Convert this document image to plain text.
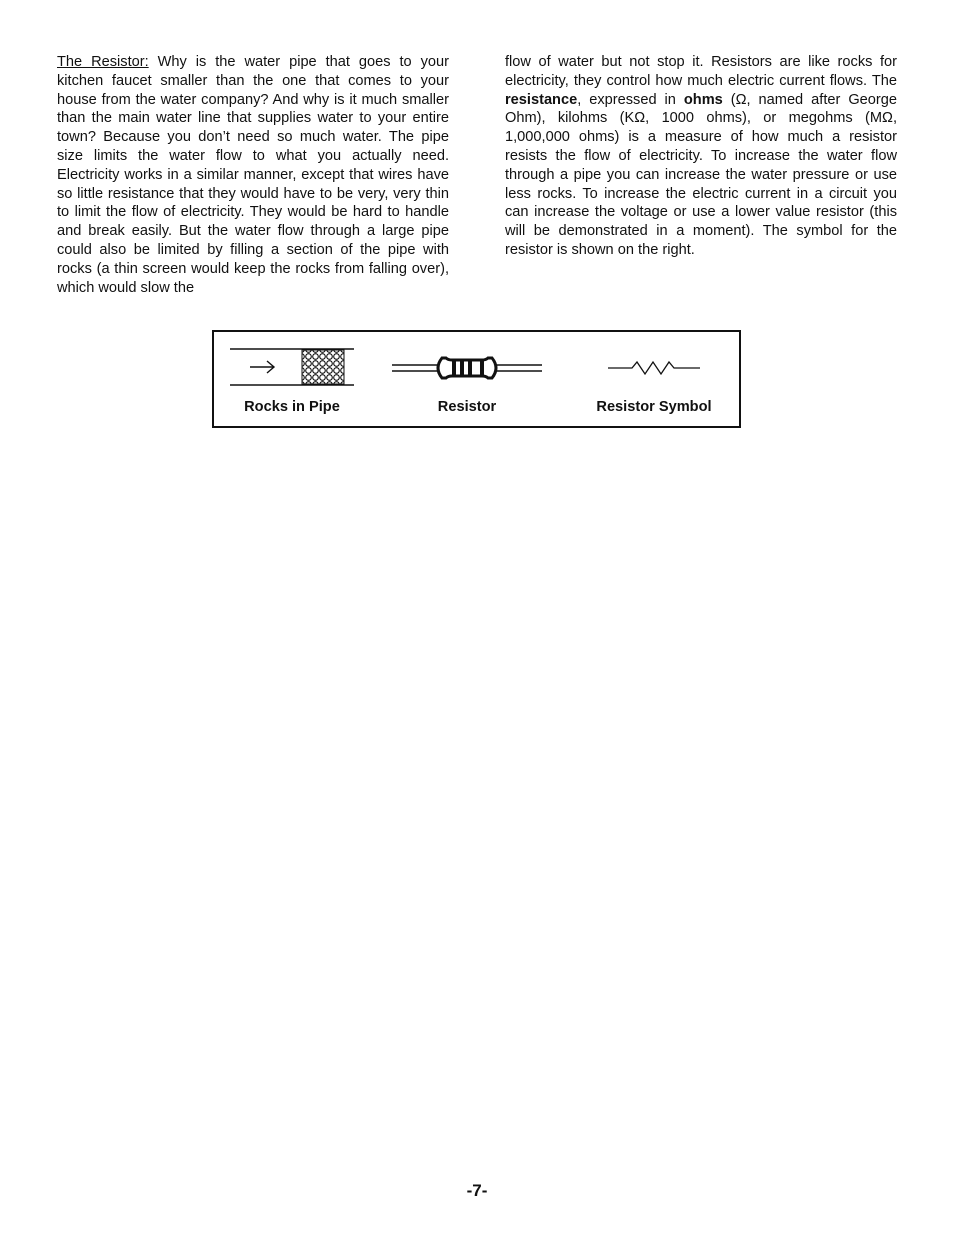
The Resistor: Why is the water pipe that goes to your kitchen faucet smaller than the one that comes to your house from the water company? And why is it much smaller than the main water line that supplies water to your entire town? Because you don’t need so much water. The pipe size limits the water flow to what you actually need. Electricity works in a similar manner, except that wires have so little resistance that they would have to be very, very thin to limit the flow of electricity. They would be hard to handle and break easily. But the water flow through a large pipe could also be limited by filling a section of the pipe with rocks (a thin screen would keep the rocks from falling over), which would slow the
flow of water but not stop it. Resistors are like rocks for electricity, they control how much electric current flows. The resistance, expressed in ohms (Ω, named after George Ohm), kilohms (KΩ, 1000 ohms), or megohms (MΩ, 1,000,000 ohms) is a measure of how much a resistor resists the flow of electricity. To increase the water flow through a pipe you can increase the water pressure or use less rocks. To increase the electric current in a circuit you can increase the voltage or use a lower value resistor (this will be demonstrated in a moment). The symbol for the resistor is shown on the right.
Rocks in Pipe	Resistor	Resistor Symbol
-7-
